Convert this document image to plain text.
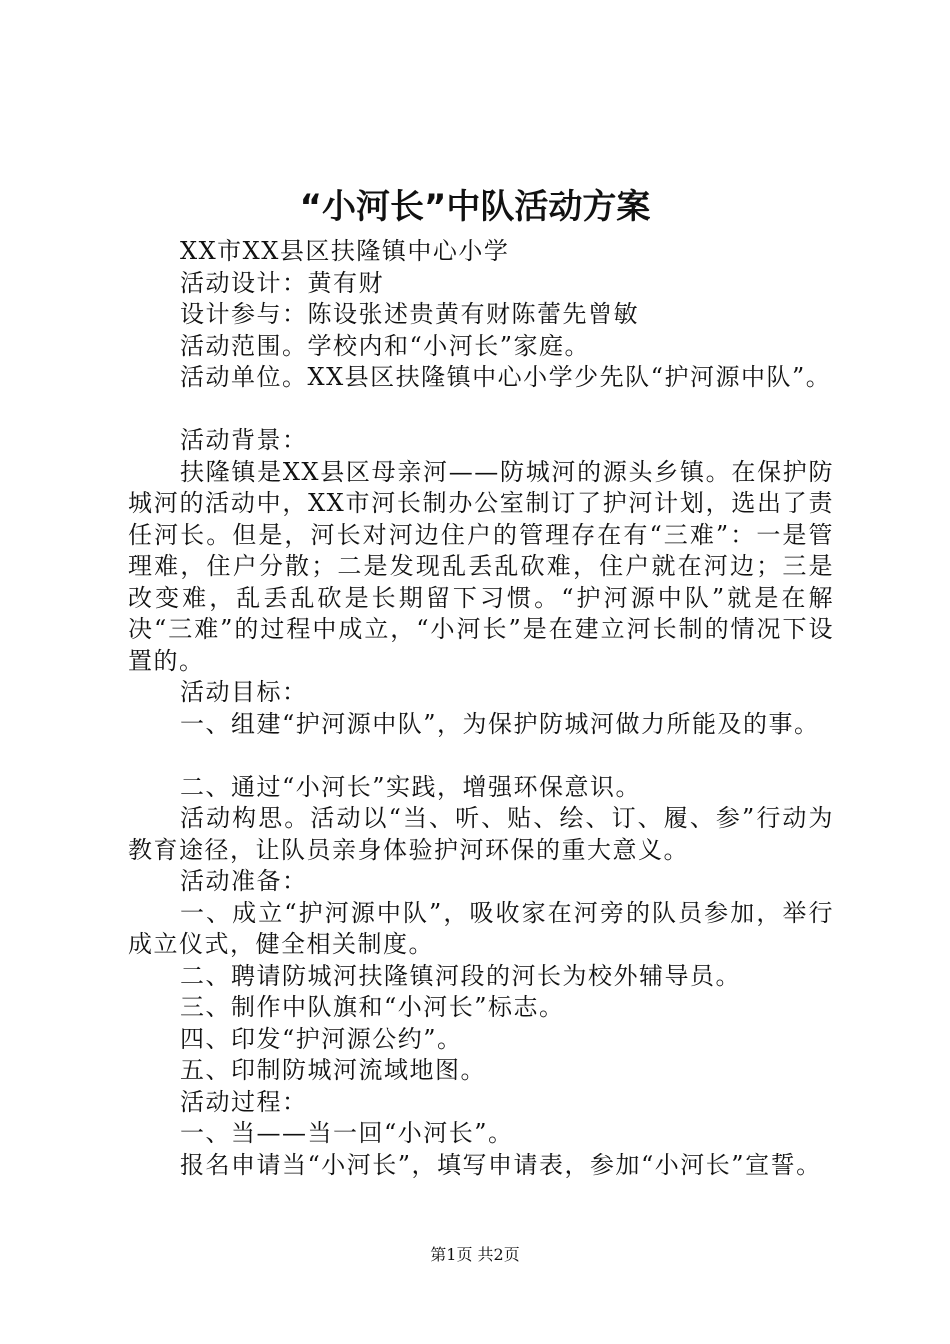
“小河长”中队活动方案

XX市XX县区扶隆镇中心小学

活动设计：黄有财

设计参与：陈设张述贵黄有财陈蕾先曾敏

活动范围。学校内和“小河长”家庭。

活动单位。XX县区扶隆镇中心小学少先队“护河源中队”。

活动背景：

扶隆镇是XX县区母亲河——防城河的源头乡镇。在保护防城河的活动中，XX市河长制办公室制订了护河计划，选出了责任河长。但是，河长对河边住户的管理存在有“三难”：一是管理难，住户分散；二是发现乱丢乱砍难，住户就在河边；三是改变难，乱丢乱砍是长期留下习惯。“护河源中队”就是在解决“三难”的过程中成立，“小河长”是在建立河长制的情况下设置的。

活动目标：

一、组建“护河源中队”，为保护防城河做力所能及的事。

二、通过“小河长”实践，增强环保意识。

活动构思。活动以“当、听、贴、绘、订、履、参”行动为教育途径，让队员亲身体验护河环保的重大意义。

活动准备：

一、成立“护河源中队”，吸收家在河旁的队员参加，举行成立仪式，健全相关制度。

二、聘请防城河扶隆镇河段的河长为校外辅导员。

三、制作中队旗和“小河长”标志。

四、印发“护河源公约”。

五、印制防城河流域地图。

活动过程：

一、当——当一回“小河长”。

报名申请当“小河长”，填写申请表，参加“小河长”宣誓。

第1页 共2页
